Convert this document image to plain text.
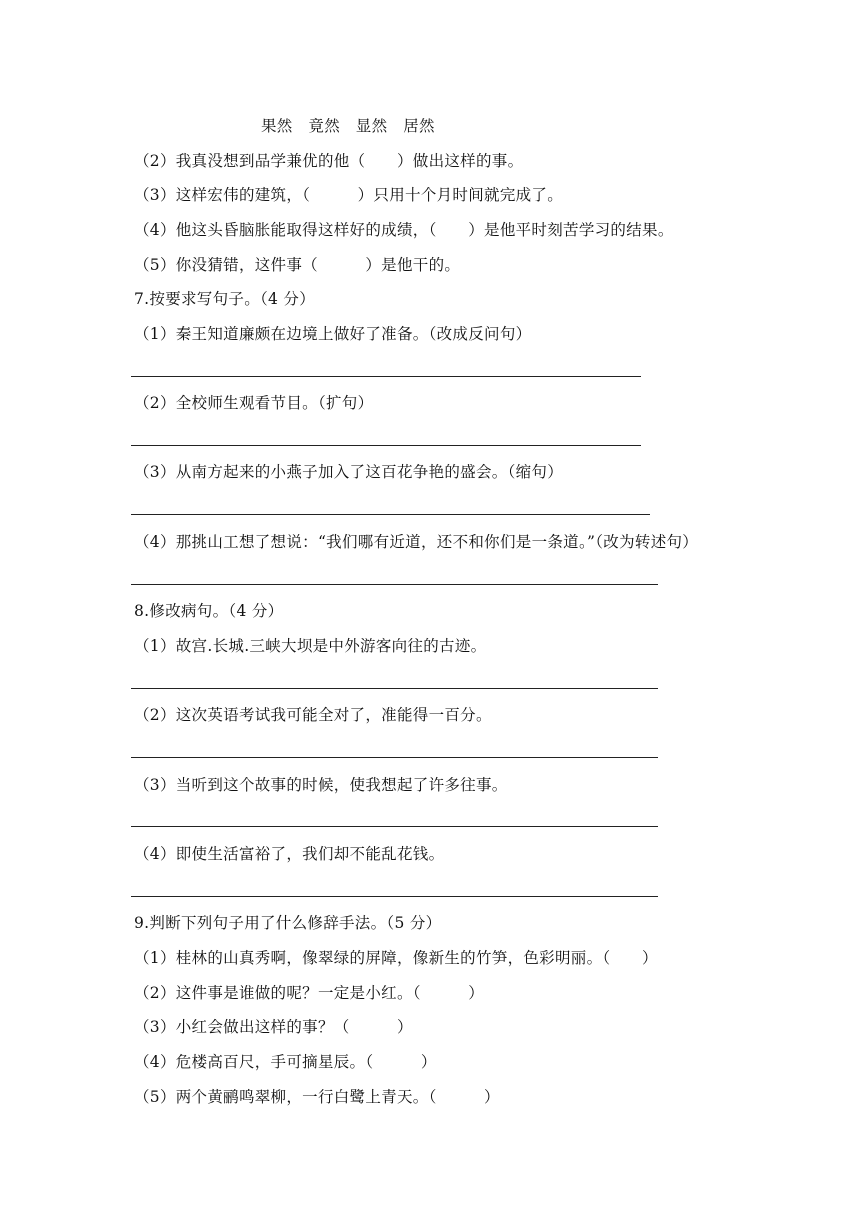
果然　竟然　显然　居然
（2）我真没想到品学兼优的他（　　）做出这样的事。
（3）这样宏伟的建筑，（　　　）只用十个月时间就完成了。
（4）他这头昏脑胀能取得这样好的成绩，（　　）是他平时刻苦学习的结果。
（5）你没猜错，这件事（　　　）是他干的。
7.按要求写句子。（4 分）
（1）秦王知道廉颇在边境上做好了准备。（改成反问句）
（2）全校师生观看节目。（扩句）
（3）从南方起来的小燕子加入了这百花争艳的盛会。（缩句）
（4）那挑山工想了想说：“我们哪有近道，还不和你们是一条道。”（改为转述句）
8.修改病句。（4 分）
（1）故宫.长城.三峡大坝是中外游客向往的古迹。
（2）这次英语考试我可能全对了，准能得一百分。
（3）当听到这个故事的时候，使我想起了许多往事。
（4）即使生活富裕了，我们却不能乱花钱。
9.判断下列句子用了什么修辞手法。（5 分）
（1）桂林的山真秀啊，像翠绿的屏障，像新生的竹笋，色彩明丽。（　　）
（2）这件事是谁做的呢？一定是小红。（　　　）
（3）小红会做出这样的事？（　　　）
（4）危楼高百尺，手可摘星辰。（　　　）
（5）两个黄鹂鸣翠柳，一行白鹭上青天。（　　　）
